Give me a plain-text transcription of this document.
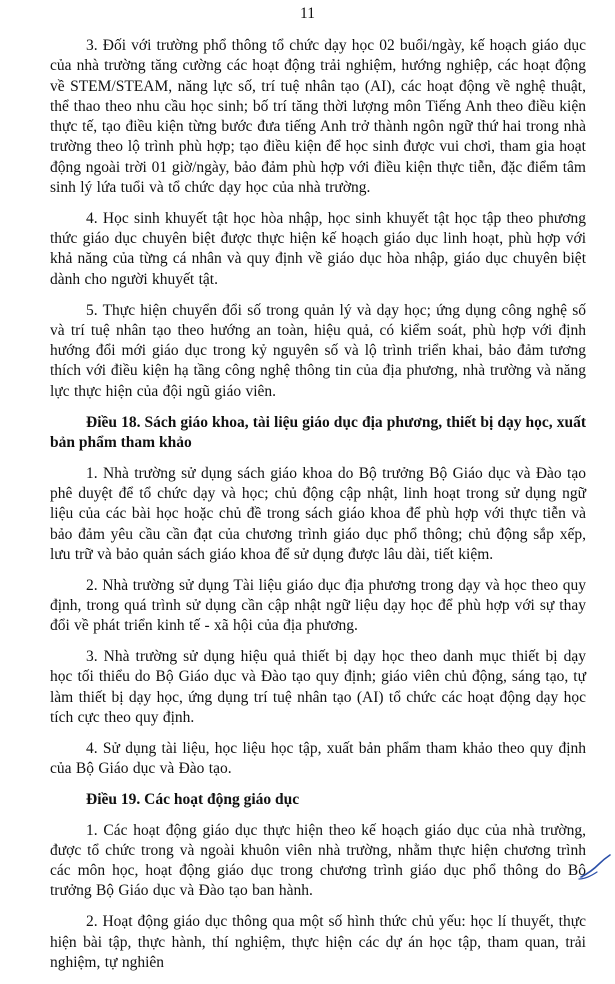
11

3. Đối với trường phổ thông tổ chức dạy học 02 buổi/ngày, kế hoạch giáo dục của nhà trường tăng cường các hoạt động trải nghiệm, hướng nghiệp, các hoạt động về STEM/STEAM, năng lực số, trí tuệ nhân tạo (AI), các hoạt động về nghệ thuật, thể thao theo nhu cầu học sinh; bố trí tăng thời lượng môn Tiếng Anh theo điều kiện thực tế, tạo điều kiện từng bước đưa tiếng Anh trở thành ngôn ngữ thứ hai trong nhà trường theo lộ trình phù hợp; tạo điều kiện để học sinh được vui chơi, tham gia hoạt động ngoài trời 01 giờ/ngày, bảo đảm phù hợp với điều kiện thực tiễn, đặc điểm tâm sinh lý lứa tuổi và tổ chức dạy học của nhà trường.

4. Học sinh khuyết tật học hòa nhập, học sinh khuyết tật học tập theo phương thức giáo dục chuyên biệt được thực hiện kế hoạch giáo dục linh hoạt, phù hợp với khả năng của từng cá nhân và quy định về giáo dục hòa nhập, giáo dục chuyên biệt dành cho người khuyết tật.

5. Thực hiện chuyển đổi số trong quản lý và dạy học; ứng dụng công nghệ số và trí tuệ nhân tạo theo hướng an toàn, hiệu quả, có kiểm soát, phù hợp với định hướng đổi mới giáo dục trong kỷ nguyên số và lộ trình triển khai, bảo đảm tương thích với điều kiện hạ tầng công nghệ thông tin của địa phương, nhà trường và năng lực thực hiện của đội ngũ giáo viên.

Điều 18. Sách giáo khoa, tài liệu giáo dục địa phương, thiết bị dạy học, xuất bản phẩm tham khảo

1. Nhà trường sử dụng sách giáo khoa do Bộ trưởng Bộ Giáo dục và Đào tạo phê duyệt để tổ chức dạy và học; chủ động cập nhật, linh hoạt trong sử dụng ngữ liệu của các bài học hoặc chủ đề trong sách giáo khoa để phù hợp với thực tiễn và bảo đảm yêu cầu cần đạt của chương trình giáo dục phổ thông; chủ động sắp xếp, lưu trữ và bảo quản sách giáo khoa để sử dụng được lâu dài, tiết kiệm.

2. Nhà trường sử dụng Tài liệu giáo dục địa phương trong dạy và học theo quy định, trong quá trình sử dụng cần cập nhật ngữ liệu dạy học để phù hợp với sự thay đổi về phát triển kinh tế - xã hội của địa phương.

3. Nhà trường sử dụng hiệu quả thiết bị dạy học theo danh mục thiết bị dạy học tối thiểu do Bộ Giáo dục và Đào tạo quy định; giáo viên chủ động, sáng tạo, tự làm thiết bị dạy học, ứng dụng trí tuệ nhân tạo (AI) tổ chức các hoạt động dạy học tích cực theo quy định.

4. Sử dụng tài liệu, học liệu học tập, xuất bản phẩm tham khảo theo quy định của Bộ Giáo dục và Đào tạo.

Điều 19. Các hoạt động giáo dục

1. Các hoạt động giáo dục thực hiện theo kế hoạch giáo dục của nhà trường, được tổ chức trong và ngoài khuôn viên nhà trường, nhằm thực hiện chương trình các môn học, hoạt động giáo dục trong chương trình giáo dục phổ thông do Bộ trưởng Bộ Giáo dục và Đào tạo ban hành.

2. Hoạt động giáo dục thông qua một số hình thức chủ yếu: học lí thuyết, thực hiện bài tập, thực hành, thí nghiệm, thực hiện các dự án học tập, tham quan, trải nghiệm, tự nghiên
